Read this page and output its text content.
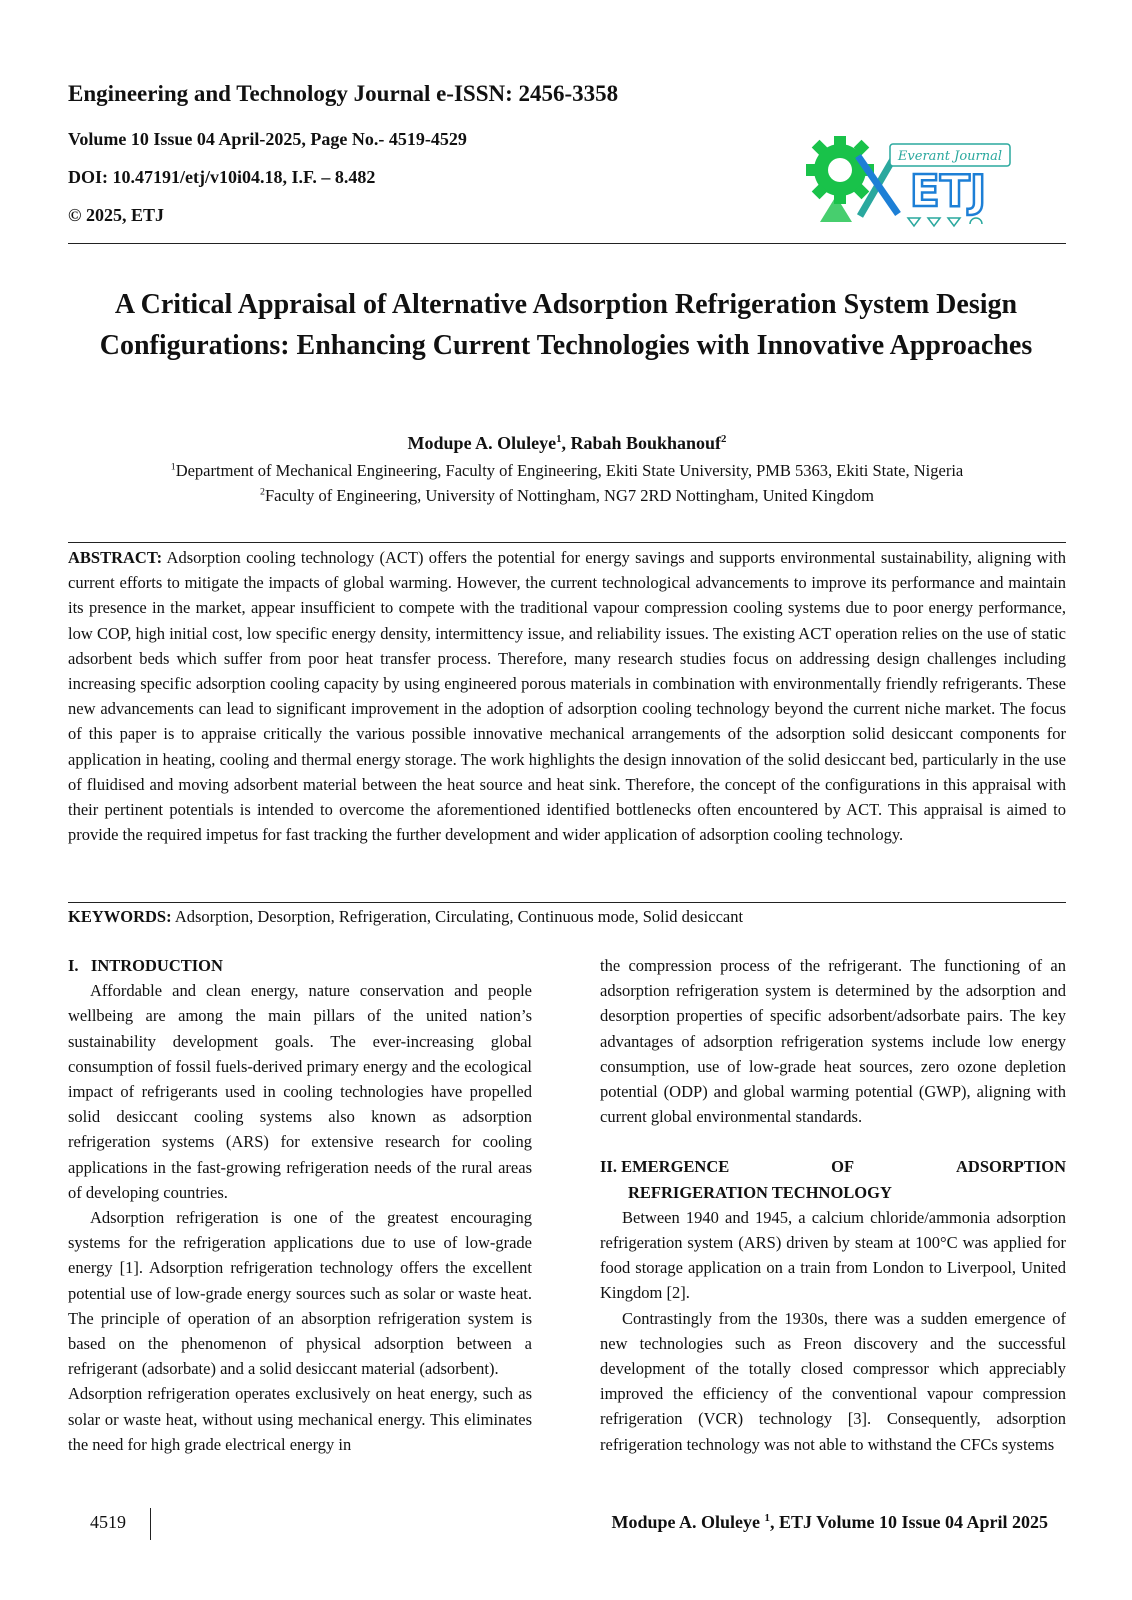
Engineering and Technology Journal e-ISSN: 2456-3358

Volume 10 Issue 04 April-2025, Page No.- 4519-4529

DOI: 10.47191/etj/v10i04.18, I.F. – 8.482

© 2025, ETJ

Everant Journal
ETJ
A Critical Appraisal of Alternative Adsorption Refrigeration System Design Configurations: Enhancing Current Technologies with Innovative Approaches
Modupe A. Oluleye$^1$, Rabah Boukhanouf$^2$
$^1$Department of Mechanical Engineering, Faculty of Engineering, Ekiti State University, PMB 5363, Ekiti State, Nigeria
$^2$Faculty of Engineering, University of Nottingham, NG7 2RD Nottingham, United Kingdom

ABSTRACT: Adsorption cooling technology (ACT) offers the potential for energy savings and supports environmental sustainability, aligning with current efforts to mitigate the impacts of global warming. However, the current technological advancements to improve its performance and maintain its presence in the market, appear insufficient to compete with the traditional vapour compression cooling systems due to poor energy performance, low COP, high initial cost, low specific energy density, intermittency issue, and reliability issues. The existing ACT operation relies on the use of static adsorbent beds which suffer from poor heat transfer process. Therefore, many research studies focus on addressing design challenges including increasing specific adsorption cooling capacity by using engineered porous materials in combination with environmentally friendly refrigerants. These new advancements can lead to significant improvement in the adoption of adsorption cooling technology beyond the current niche market. The focus of this paper is to appraise critically the various possible innovative mechanical arrangements of the adsorption solid desiccant components for application in heating, cooling and thermal energy storage. The work highlights the design innovation of the solid desiccant bed, particularly in the use of fluidised and moving adsorbent material between the heat source and heat sink. Therefore, the concept of the configurations in this appraisal with their pertinent potentials is intended to overcome the aforementioned identified bottlenecks often encountered by ACT. This appraisal is aimed to provide the required impetus for fast tracking the further development and wider application of adsorption cooling technology.

KEYWORDS: Adsorption, Desorption, Refrigeration, Circulating, Continuous mode, Solid desiccant

I.   INTRODUCTION

Affordable and clean energy, nature conservation and people wellbeing are among the main pillars of the united nation’s sustainability development goals. The ever-increasing global consumption of fossil fuels-derived primary energy and the ecological impact of refrigerants used in cooling technologies have propelled solid desiccant cooling systems also known as adsorption refrigeration systems (ARS) for extensive research for cooling applications in the fast-growing refrigeration needs of the rural areas of developing countries.

Adsorption refrigeration is one of the greatest encouraging systems for the refrigeration applications due to use of low-grade energy [1]. Adsorption refrigeration technology offers the excellent potential use of low-grade energy sources such as solar or waste heat. The principle of operation of an absorption refrigeration system is based on the phenomenon of physical adsorption between a refrigerant (adsorbate) and a solid desiccant material (adsorbent).

Adsorption refrigeration operates exclusively on heat energy, such as solar or waste heat, without using mechanical energy. This eliminates the need for high grade electrical energy in

the compression process of the refrigerant. The functioning of an adsorption refrigeration system is determined by the adsorption and desorption properties of specific adsorbent/adsorbate pairs. The key advantages of adsorption refrigeration systems include low energy consumption, use of low-grade heat sources, zero ozone depletion potential (ODP) and global warming potential (GWP), aligning with current global environmental standards.

II. EMERGENCE	OF	ADSORPTION
REFRIGERATION TECHNOLOGY

Between 1940 and 1945, a calcium chloride/ammonia adsorption refrigeration system (ARS) driven by steam at 100°C was applied for food storage application on a train from London to Liverpool, United Kingdom [2].

Contrastingly from the 1930s, there was a sudden emergence of new technologies such as Freon discovery and the successful development of the totally closed compressor which appreciably improved the efficiency of the conventional vapour compression refrigeration (VCR) technology [3]. Consequently, adsorption refrigeration technology was not able to withstand the CFCs systems

4519	Modupe A. Oluleye $^1$, ETJ Volume 10 Issue 04 April 2025
